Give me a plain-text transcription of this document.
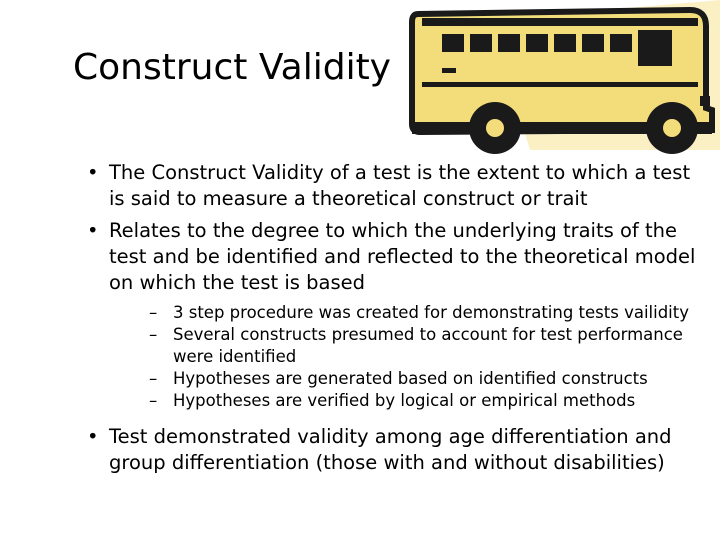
Construct Validity
• The Construct Validity of a test is the extent to which a test is said to measure a theoretical construct or trait
• Relates to the degree to which the underlying traits of the test and be identified and reflected to the theoretical model on which the test is based
– 3 step procedure was created for demonstrating tests vailidity
– Several constructs presumed to account for test performance were identified
– Hypotheses are generated based on identified constructs
– Hypotheses are verified by logical or empirical methods
• Test demonstrated validity among age differentiation and group differentiation (those with and without disabilities)
